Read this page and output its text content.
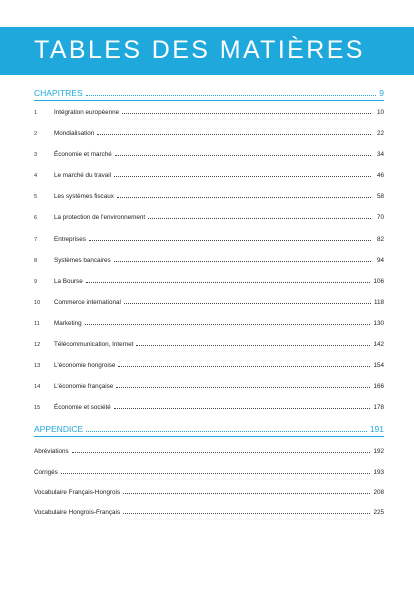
TABLES DES MATIÈRES
CHAPITRES	9
1	Intégration européenne	10
2	Mondialisation	22
3	Économie et marché	34
4	Le marché du travail	46
5	Les systèmes fiscaux	58
6	La protection de l'environnement	70
7	Entreprises	82
8	Systèmes bancaires	94
9	La Bourse	106
10	Commerce international	118
11	Marketing	130
12	Télécommunication, Internet	142
13	L'économie hongroise	154
14	L'économie française	166
15	Économie et société	178
APPENDICE	191
Abréviations	192
Corrigés	193
Vocabulaire Français-Hongrois	208
Vocabulaire Hongrois-Français	225
